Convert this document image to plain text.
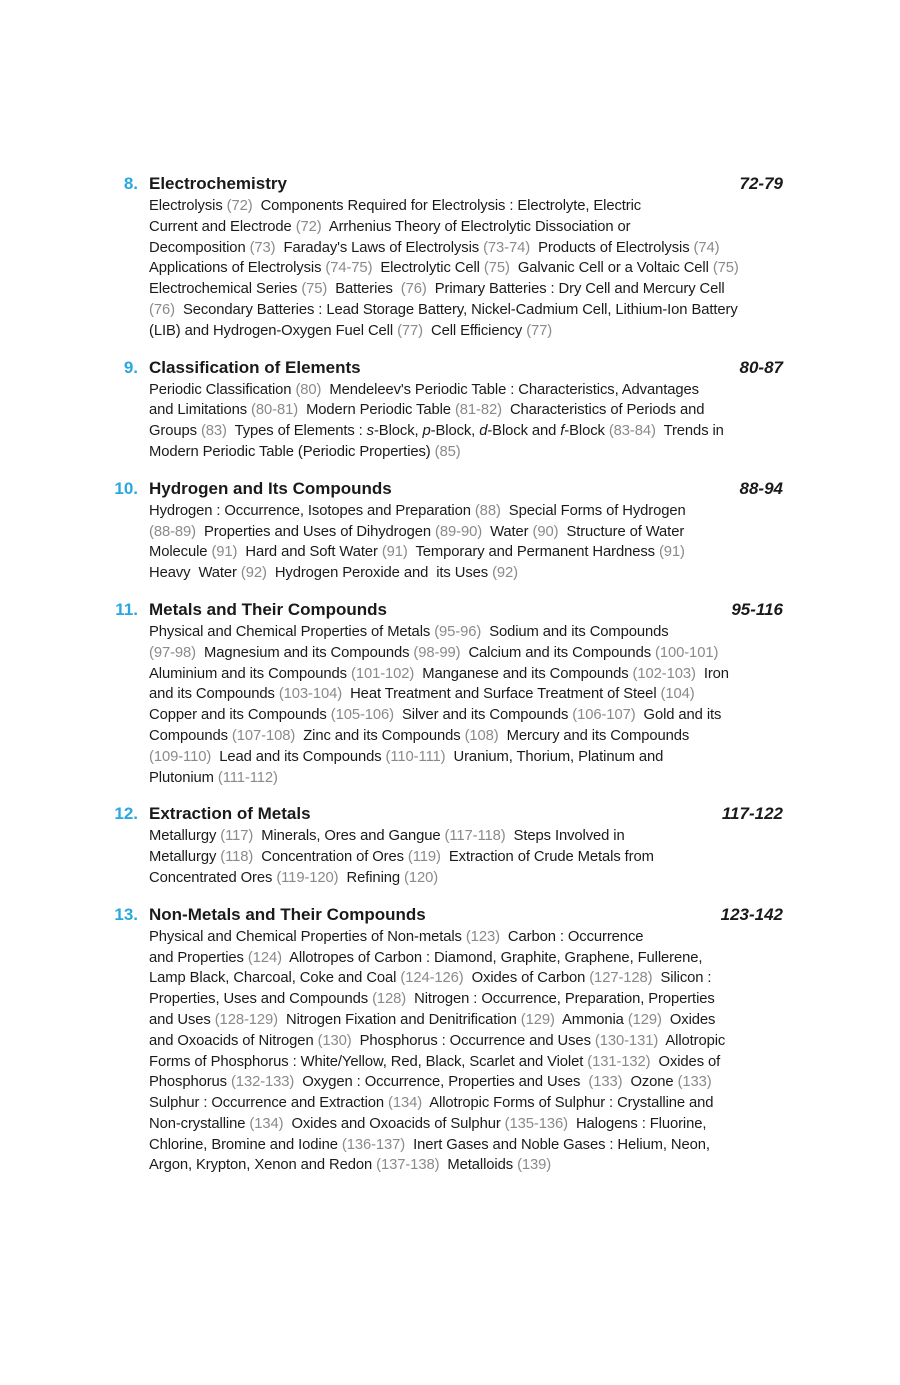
8. Electrochemistry	72-79
Electrolysis (72)  Components Required for Electrolysis : Electrolyte, Electric
Current and Electrode (72)  Arrhenius Theory of Electrolytic Dissociation or
Decomposition (73)  Faraday's Laws of Electrolysis (73-74)  Products of Electrolysis (74)
Applications of Electrolysis (74-75)  Electrolytic Cell (75)  Galvanic Cell or a Voltaic Cell (75)
Electrochemical Series (75)  Batteries  (76)  Primary Batteries : Dry Cell and Mercury Cell
(76)  Secondary Batteries : Lead Storage Battery, Nickel-Cadmium Cell, Lithium-Ion Battery
(LIB) and Hydrogen-Oxygen Fuel Cell (77)  Cell Efficiency (77)
9. Classification of Elements	80-87
Periodic Classification (80)  Mendeleev's Periodic Table : Characteristics, Advantages
and Limitations (80-81)  Modern Periodic Table (81-82)  Characteristics of Periods and
Groups (83)  Types of Elements : s-Block, p-Block, d-Block and f-Block (83-84)  Trends in
Modern Periodic Table (Periodic Properties) (85)
10. Hydrogen and Its Compounds	88-94
Hydrogen : Occurrence, Isotopes and Preparation (88)  Special Forms of Hydrogen
(88-89)  Properties and Uses of Dihydrogen (89-90)  Water (90)  Structure of Water
Molecule (91)  Hard and Soft Water (91)  Temporary and Permanent Hardness (91)
Heavy  Water (92)  Hydrogen Peroxide and  its Uses (92)
11. Metals and Their Compounds	95-116
Physical and Chemical Properties of Metals (95-96)  Sodium and its Compounds
(97-98)  Magnesium and its Compounds (98-99)  Calcium and its Compounds (100-101)
Aluminium and its Compounds (101-102)  Manganese and its Compounds (102-103)  Iron
and its Compounds (103-104)  Heat Treatment and Surface Treatment of Steel (104)
Copper and its Compounds (105-106)  Silver and its Compounds (106-107)  Gold and its
Compounds (107-108)  Zinc and its Compounds (108)  Mercury and its Compounds
(109-110)  Lead and its Compounds (110-111)  Uranium, Thorium, Platinum and
Plutonium (111-112)
12. Extraction of Metals	117-122
Metallurgy (117)  Minerals, Ores and Gangue (117-118)  Steps Involved in
Metallurgy (118)  Concentration of Ores (119)  Extraction of Crude Metals from
Concentrated Ores (119-120)  Refining (120)
13. Non-Metals and Their Compounds	123-142
Physical and Chemical Properties of Non-metals (123)  Carbon : Occurrence
and Properties (124)  Allotropes of Carbon : Diamond, Graphite, Graphene, Fullerene,
Lamp Black, Charcoal, Coke and Coal (124-126)  Oxides of Carbon (127-128)  Silicon :
Properties, Uses and Compounds (128)  Nitrogen : Occurrence, Preparation, Properties
and Uses (128-129)  Nitrogen Fixation and Denitrification (129)  Ammonia (129)  Oxides
and Oxoacids of Nitrogen (130)  Phosphorus : Occurrence and Uses (130-131)  Allotropic
Forms of Phosphorus : White/Yellow, Red, Black, Scarlet and Violet (131-132)  Oxides of
Phosphorus (132-133)  Oxygen : Occurrence, Properties and Uses  (133)  Ozone (133)
Sulphur : Occurrence and Extraction (134)  Allotropic Forms of Sulphur : Crystalline and
Non-crystalline (134)  Oxides and Oxoacids of Sulphur (135-136)  Halogens : Fluorine,
Chlorine, Bromine and Iodine (136-137)  Inert Gases and Noble Gases : Helium, Neon,
Argon, Krypton, Xenon and Redon (137-138)  Metalloids (139)
